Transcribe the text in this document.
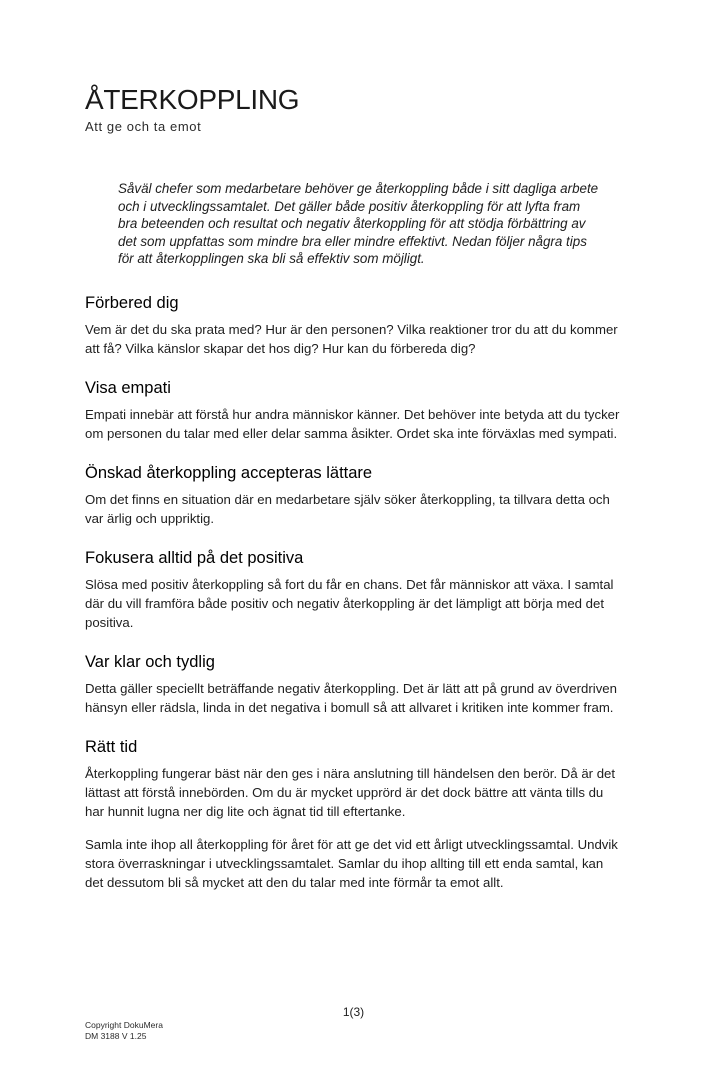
ÅTERKOPPLING
Att ge och ta emot

Såväl chefer som medarbetare behöver ge återkoppling både i sitt dagliga arbete och i utvecklingssamtalet. Det gäller både positiv återkoppling för att lyfta fram bra beteenden och resultat och negativ återkoppling för att stödja förbättring av det som uppfattas som mindre bra eller mindre effektivt. Nedan följer några tips för att återkopplingen ska bli så effektiv som möjligt.

Förbered dig

Vem är det du ska prata med? Hur är den personen? Vilka reaktioner tror du att du kommer att få? Vilka känslor skapar det hos dig? Hur kan du förbereda dig?

Visa empati

Empati innebär att förstå hur andra människor känner. Det behöver inte betyda att du tycker om personen du talar med eller delar samma åsikter. Ordet ska inte förväxlas med sympati.

Önskad återkoppling accepteras lättare

Om det finns en situation där en medarbetare själv söker återkoppling, ta tillvara detta och var ärlig och uppriktig.

Fokusera alltid på det positiva

Slösa med positiv återkoppling så fort du får en chans. Det får människor att växa. I samtal där du vill framföra både positiv och negativ återkoppling är det lämpligt att börja med det positiva.

Var klar och tydlig

Detta gäller speciellt beträffande negativ återkoppling. Det är lätt att på grund av överdriven hänsyn eller rädsla, linda in det negativa i bomull så att allvaret i kritiken inte kommer fram.

Rätt tid

Återkoppling fungerar bäst när den ges i nära anslutning till händelsen den berör. Då är det lättast att förstå innebörden. Om du är mycket upprörd är det dock bättre att vänta tills du har hunnit lugna ner dig lite och ägnat tid till eftertanke.

Samla inte ihop all återkoppling för året för att ge det vid ett årligt utvecklingssamtal. Undvik stora överraskningar i utvecklingssamtalet. Samlar du ihop allting till ett enda samtal, kan det dessutom bli så mycket att den du talar med inte förmår ta emot allt.

1(3)
Copyright DokuMera
DM 3188 V 1.25
